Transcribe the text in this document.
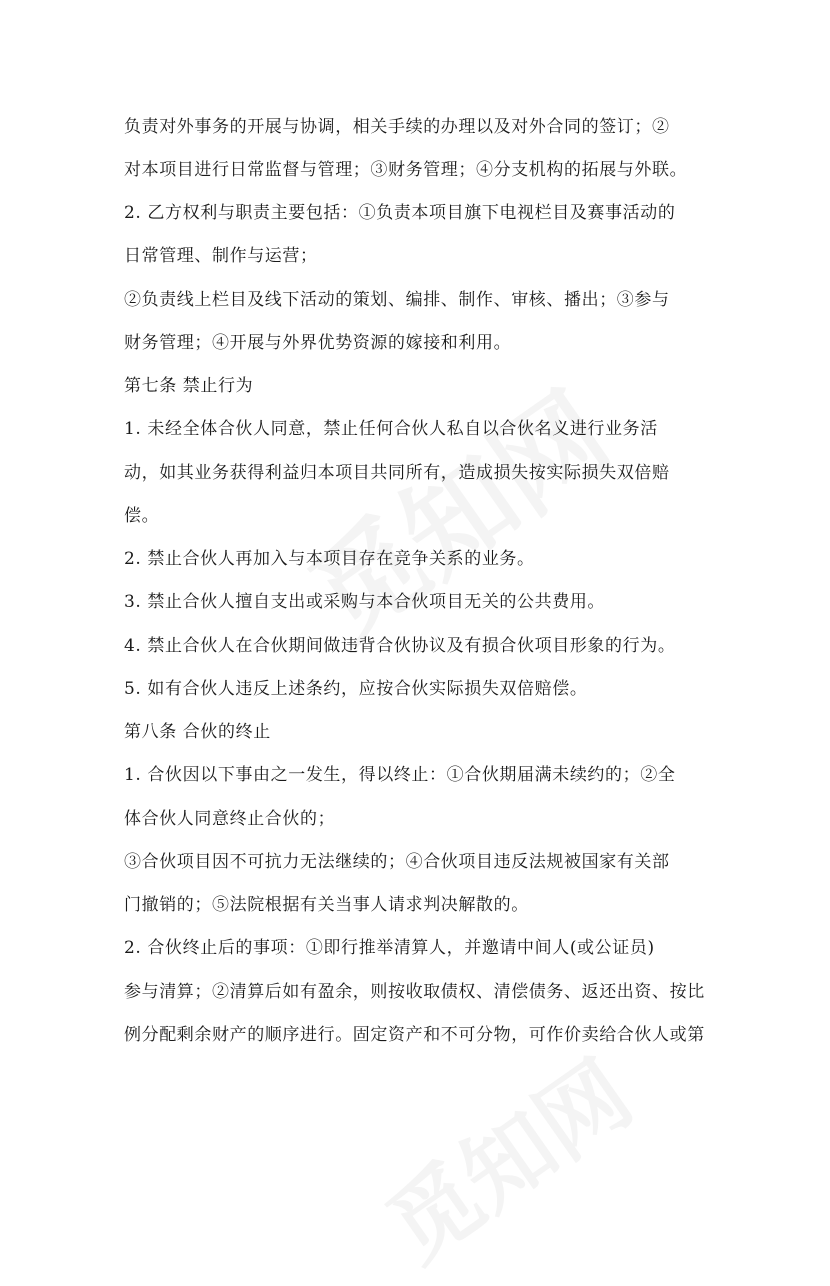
负责对外事务的开展与协调，相关手续的办理以及对外合同的签订；②
对本项目进行日常监督与管理；③财务管理；④分支机构的拓展与外联。
2. 乙方权利与职责主要包括：①负责本项目旗下电视栏目及赛事活动的
日常管理、制作与运营；
②负责线上栏目及线下活动的策划、编排、制作、审核、播出；③参与
财务管理；④开展与外界优势资源的嫁接和利用。
第七条 禁止行为
1. 未经全体合伙人同意，禁止任何合伙人私自以合伙名义进行业务活
动，如其业务获得利益归本项目共同所有，造成损失按实际损失双倍赔
偿。
2. 禁止合伙人再加入与本项目存在竞争关系的业务。
3. 禁止合伙人擅自支出或采购与本合伙项目无关的公共费用。
4. 禁止合伙人在合伙期间做违背合伙协议及有损合伙项目形象的行为。
5. 如有合伙人违反上述条约，应按合伙实际损失双倍赔偿。
第八条 合伙的终止
1. 合伙因以下事由之一发生，得以终止：①合伙期届满未续约的；②全
体合伙人同意终止合伙的；
③合伙项目因不可抗力无法继续的；④合伙项目违反法规被国家有关部
门撤销的；⑤法院根据有关当事人请求判决解散的。
2. 合伙终止后的事项：①即行推举清算人，并邀请中间人(或公证员)
参与清算；②清算后如有盈余，则按收取债权、清偿债务、返还出资、按比
例分配剩余财产的顺序进行。固定资产和不可分物，可作价卖给合伙人或第
